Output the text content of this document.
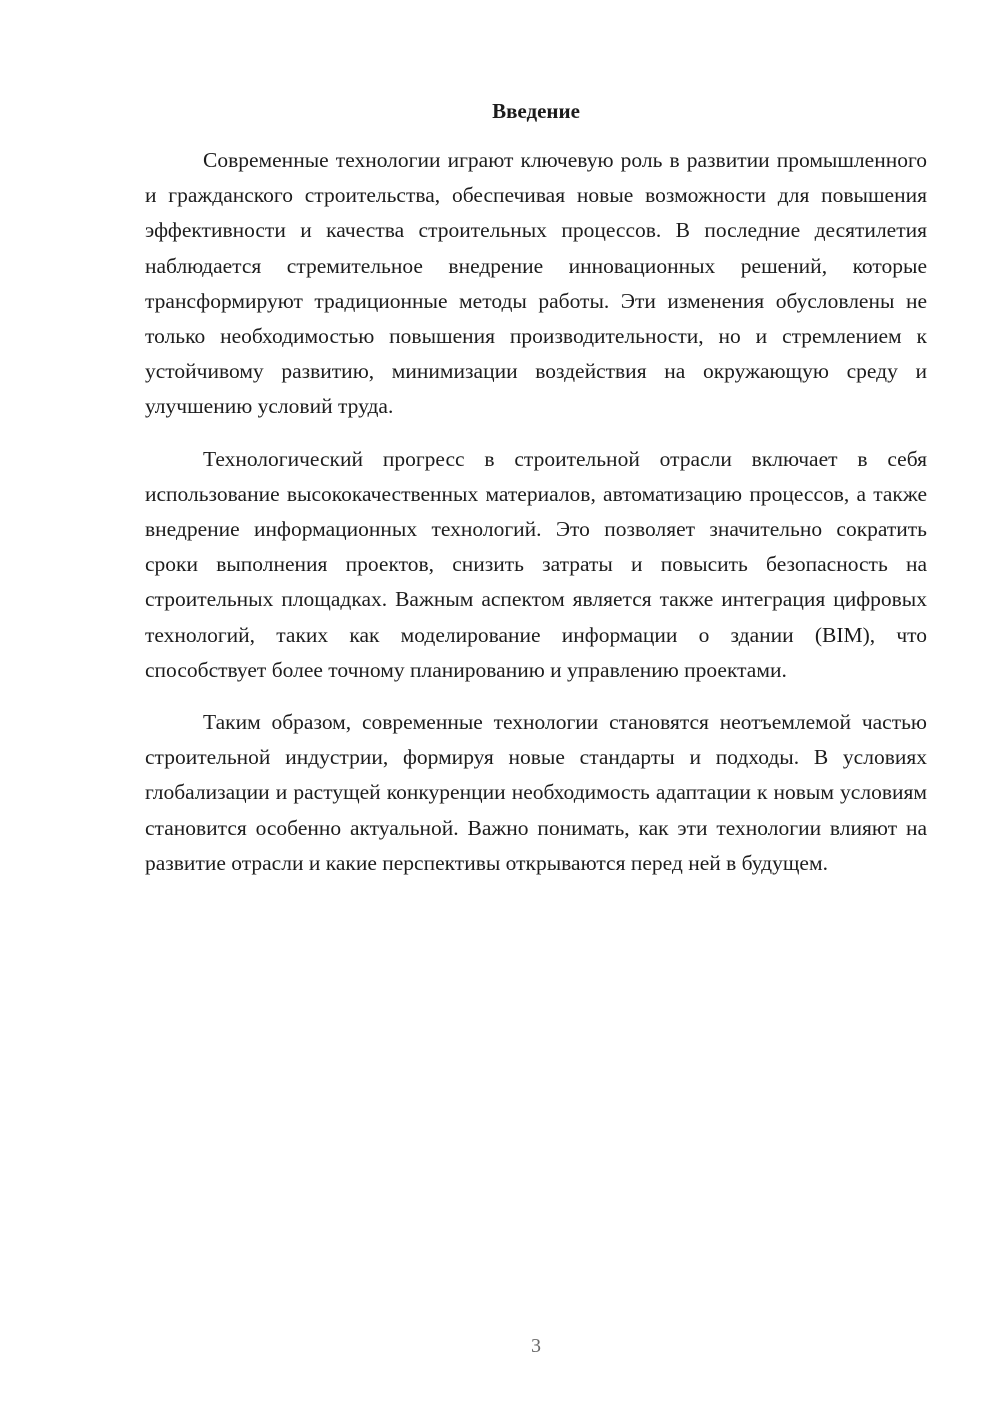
Введение

Современные технологии играют ключевую роль в развитии промышленного и гражданского строительства, обеспечивая новые возможности для повышения эффективности и качества строительных процессов. В последние десятилетия наблюдается стремительное внедрение инновационных решений, которые трансформируют традиционные методы работы. Эти изменения обусловлены не только необходимостью повышения производительности, но и стремлением к устойчивому развитию, минимизации воздействия на окружающую среду и улучшению условий труда.

Технологический прогресс в строительной отрасли включает в себя использование высококачественных материалов, автоматизацию процессов, а также внедрение информационных технологий. Это позволяет значительно сократить сроки выполнения проектов, снизить затраты и повысить безопасность на строительных площадках. Важным аспектом является также интеграция цифровых технологий, таких как моделирование информации о здании (BIM), что способствует более точному планированию и управлению проектами.

Таким образом, современные технологии становятся неотъемлемой частью строительной индустрии, формируя новые стандарты и подходы. В условиях глобализации и растущей конкуренции необходимость адаптации к новым условиям становится особенно актуальной. Важно понимать, как эти технологии влияют на развитие отрасли и какие перспективы открываются перед ней в будущем.

3
